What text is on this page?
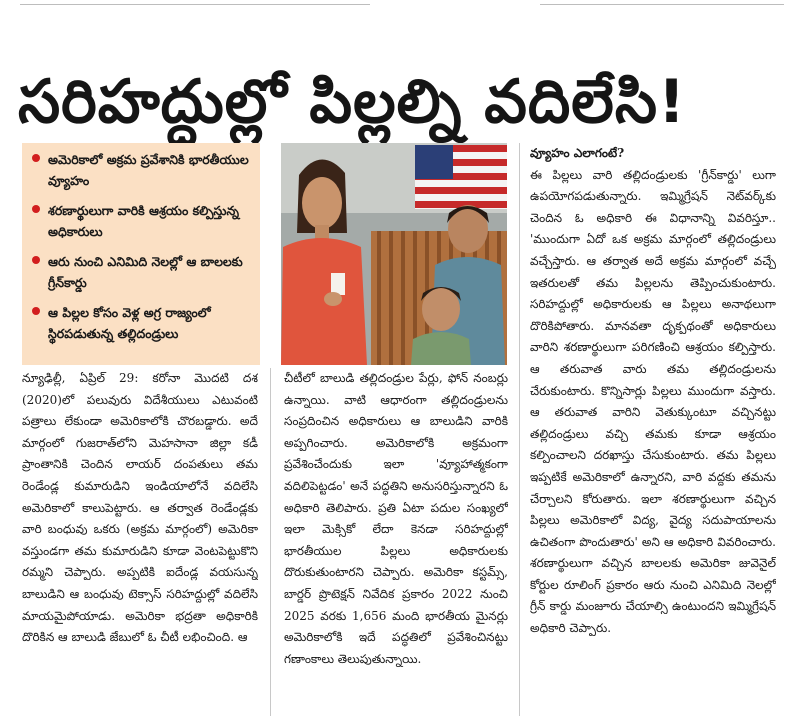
సరిహద్దుల్లో పిల్లల్ని వదిలేసి!
అమెరికాలో అక్రమ ప్రవేశానికి భారతీయుల వ్యూహం
శరణార్థులుగా వారికి ఆశ్రయం కల్పిస్తున్న అధికారులు
ఆరు నుంచి ఎనిమిది నెలల్లో ఆ బాలలకు గ్రీన్‌కార్డు
ఆ పిల్లల కోసం వెళ్ల అగ్ర రాజ్యంలో స్థిరపడుతున్న తల్లిదండ్రులు

న్యూఢిల్లీ, ఏప్రిల్ 29: కరోనా మొదటి దశ (2020)లో పలువురు విదేశీయులు ఎటువంటి పత్రాలు లేకుండా అమెరికాలోకి చొరబడ్డారు. అదే మార్గంలో గుజరాత్‌లోని మెహసానా జిల్లా కడీ ప్రాంతానికి చెందిన లాయర్ దంపతులు తమ రెండేండ్ల కుమారుడిని ఇండియాలోనే వదిలేసి అమెరికాలో కాలుపెట్టారు. ఆ తర్వాత రెండేండ్లకు వారి బంధువు ఒకరు (అక్రమ మార్గంలో) అమెరికా వస్తుండగా తమ కుమారుడిని కూడా వెంటపెట్టుకొని రమ్మని చెప్పారు. అప్పటికి ఐదేండ్ల వయసున్న బాలుడిని ఆ బంధువు టెక్సాస్ సరిహద్దుల్లో వదిలేసి మాయమైపోయాడు. అమెరికా భద్రతా అధికారికి దొరికిన ఆ బాలుడి జేబులో ఓ చీటీ లభించింది. ఆ

చీటీలో బాలుడి తల్లిదండ్రుల పేర్లు, ఫోన్ నంబర్లు ఉన్నాయి. వాటి ఆధారంగా తల్లిదండ్రులను సంప్రదించిన అధికారులు ఆ బాలుడిని వారికి అప్పగించారు. అమెరికాలోకి అక్రమంగా ప్రవేశించేందుకు ఇలా 'వ్యూహాత్మకంగా వదిలిపెట్టడం' అనే పద్ధతిని అనుసరిస్తున్నారని ఓ అధికారి తెలిపారు. ప్రతి ఏటా పదుల సంఖ్యలో ఇలా మెక్సికో లేదా కెనడా సరిహద్దుల్లో భారతీయుల పిల్లలు అధికారులకు దొరుకుతుంటారని చెప్పారు. అమెరికా కస్టమ్స్, బార్డర్ ప్రొటెక్షన్ నివేదిక ప్రకారం 2022 నుంచి 2025 వరకు 1,656 మంది భారతీయ మైనర్లు అమెరికాలోకి ఇదే పద్ధతిలో ప్రవేశించినట్టు గణాంకాలు తెలుపుతున్నాయి.

వ్యూహం ఎలాగంటే?

ఈ పిల్లలు వారి తల్లిదండ్రులకు 'గ్రీన్‌కార్డు' లుగా ఉపయోగపడుతున్నారు. ఇమ్మిగ్రేషన్ నెట్‌వర్క్‌కు చెందిన ఓ అధికారి ఈ విధానాన్ని వివరిస్తూ.. 'ముందుగా ఏదో ఒక అక్రమ మార్గంలో తల్లిదండ్రులు వచ్చేస్తారు. ఆ తర్వాత అదే అక్రమ మార్గంలో వచ్చే ఇతరులతో తమ పిల్లలను తెప్పించుకుంటారు. సరిహద్దుల్లో అధికారులకు ఆ పిల్లలు అనాథలుగా దొరికిపోతారు. మానవతా దృక్పథంతో అధికారులు వారిని శరణార్థులుగా పరిగణించి ఆశ్రయం కల్పిస్తారు. ఆ తరువాత వారు తమ తల్లిదండ్రులను చేరుకుంటారు. కొన్నిసార్లు పిల్లలు ముందుగా వస్తారు. ఆ తరువాత వారిని వెతుక్కుంటూ వచ్చినట్టు తల్లిదండ్రులు వచ్చి తమకు కూడా ఆశ్రయం కల్పించాలని దరఖాస్తు చేసుకుంటారు. తమ పిల్లలు ఇప్పటికే అమెరికాలో ఉన్నారని, వారి వద్దకు తమను చేర్చాలని కోరుతారు. ఇలా శరణార్థులుగా వచ్చిన పిల్లలు అమెరికాలో విద్య, వైద్య సదుపాయాలను ఉచితంగా పొందుతారు' అని ఆ అధికారి వివరించారు. శరణార్థులుగా వచ్చిన బాలలకు అమెరికా జువెనైల్ కోర్టుల రూలింగ్ ప్రకారం ఆరు నుంచి ఎనిమిది నెలల్లో గ్రీన్ కార్డు మంజూరు చేయాల్సి ఉంటుందని ఇమ్మిగ్రేషన్ అధికారి చెప్పారు.
